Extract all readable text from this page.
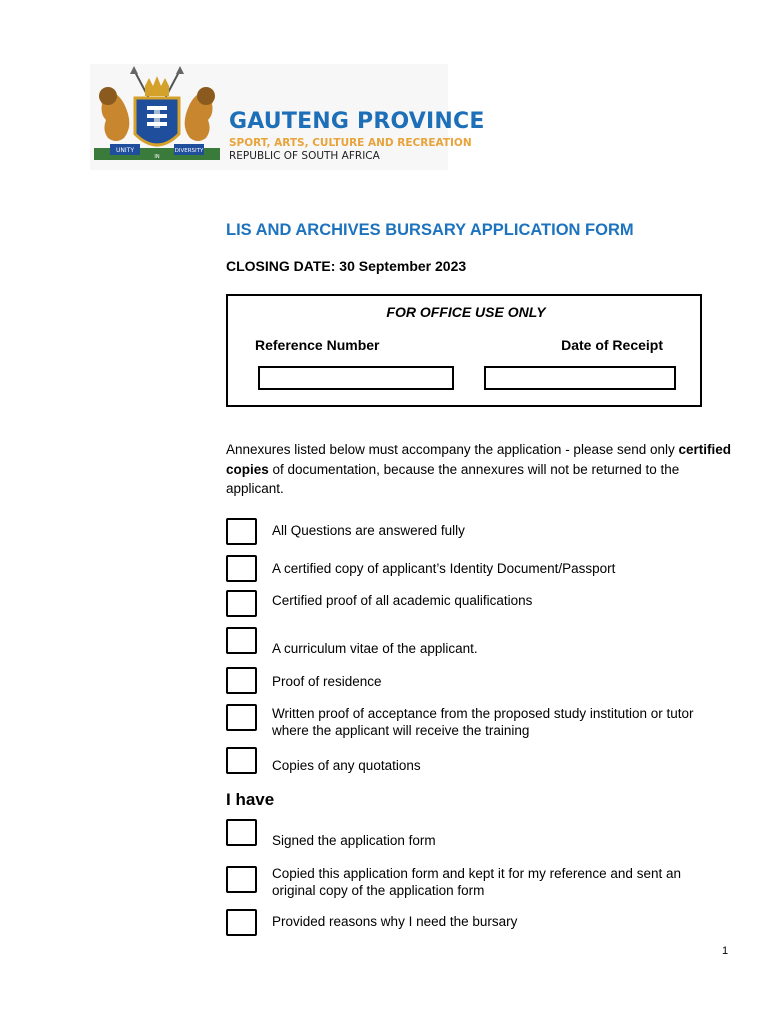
UNITY
IN
DIVERSITY
GAUTENG PROVINCE
SPORT, ARTS, CULTURE AND RECREATION
REPUBLIC OF SOUTH AFRICA
LIS AND ARCHIVES BURSARY APPLICATION FORM
CLOSING DATE: 30 September 2023
FOR OFFICE USE ONLY
Reference Number	Date of Receipt
Annexures listed below must accompany the application - please send only certified copies of documentation, because the annexures will not be returned to the applicant.
All Questions are answered fully
A certified copy of applicant’s Identity Document/Passport
Certified proof of all academic qualifications
A curriculum vitae of the applicant.
Proof of residence
Written proof of acceptance from the proposed study institution or tutor where the applicant will receive the training
Copies of any quotations
I have
Signed the application form
Copied this application form and kept it for my reference and sent an original copy of the application form
Provided reasons why I need the bursary
1
